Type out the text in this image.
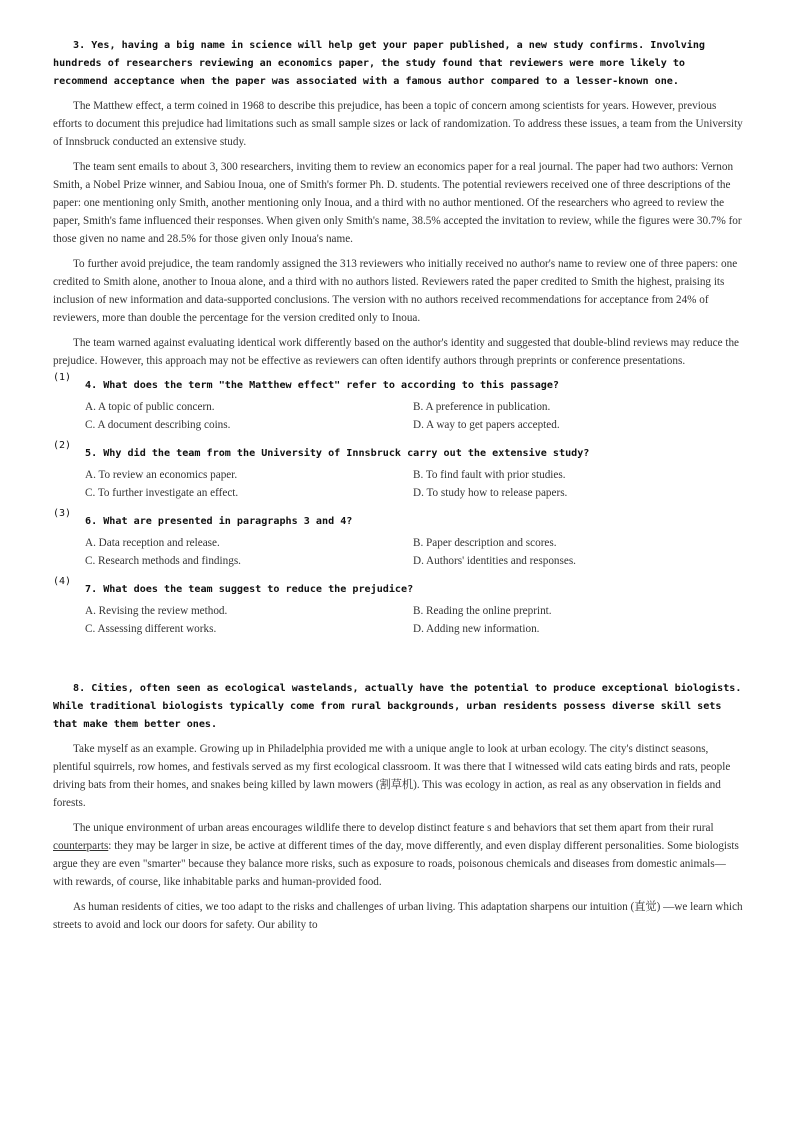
3. Yes, having a big name in science will help get your paper published, a new study confirms. Involving hundreds of researchers reviewing an economics paper, the study found that reviewers were more likely to recommend acceptance when the paper was associated with a famous author compared to a lesser-known one.

The Matthew effect, a term coined in 1968 to describe this prejudice, has been a topic of concern among scientists for years. However, previous efforts to document this prejudice had limitations such as small sample sizes or lack of randomization. To address these issues, a team from the University of Innsbruck conducted an extensive study.

The team sent emails to about 3, 300 researchers, inviting them to review an economics paper for a real journal. The paper had two authors: Vernon Smith, a Nobel Prize winner, and Sabiou Inoua, one of Smith's former Ph. D. students. The potential reviewers received one of three descriptions of the paper: one mentioning only Smith, another mentioning only Inoua, and a third with no author mentioned. Of the researchers who agreed to review the paper, Smith's fame influenced their responses. When given only Smith's name, 38.5% accepted the invitation to review, while the figures were 30.7% for those given no name and 28.5% for those given only Inoua's name.

To further avoid prejudice, the team randomly assigned the 313 reviewers who initially received no author's name to review one of three papers: one credited to Smith alone, another to Inoua alone, and a third with no authors listed. Reviewers rated the paper credited to Smith the highest, praising its inclusion of new information and data-supported conclusions. The version with no authors received recommendations for acceptance from 24% of reviewers, more than double the percentage for the version credited only to Inoua.

The team warned against evaluating identical work differently based on the author's identity and suggested that double-blind reviews may reduce the prejudice. However, this approach may not be effective as reviewers can often identify authors through preprints or conference presentations.

(1)
4. What does the term "the Matthew effect" refer to according to this passage?
A. A topic of public concern.	B. A preference in publication.
C. A document describing coins.	D. A way to get papers accepted.
(2)
5. Why did the team from the University of Innsbruck carry out the extensive study?
A. To review an economics paper.	B. To find fault with prior studies.
C. To further investigate an effect.	D. To study how to release papers.
(3)
6. What are presented in paragraphs 3 and 4?
A. Data reception and release.	B. Paper description and scores.
C. Research methods and findings.	D. Authors' identities and responses.
(4)
7. What does the team suggest to reduce the prejudice?
A. Revising the review method.	B. Reading the online preprint.
C. Assessing different works.	D. Adding new information.

8. Cities, often seen as ecological wastelands, actually have the potential to produce exceptional biologists. While traditional biologists typically come from rural backgrounds, urban residents possess diverse skill sets that make them better ones.

Take myself as an example. Growing up in Philadelphia provided me with a unique angle to look at urban ecology. The city's distinct seasons, plentiful squirrels, row homes, and festivals served as my first ecological classroom. It was there that I witnessed wild cats eating birds and rats, people driving bats from their homes, and snakes being killed by lawn mowers (割草机). This was ecology in action, as real as any observation in fields and forests.

The unique environment of urban areas encourages wildlife there to develop distinct feature s and behaviors that set them apart from their rural counterparts: they may be larger in size, be active at different times of the day, move differently, and even display different personalities. Some biologists argue they are even "smarter" because they balance more risks, such as exposure to roads, poisonous chemicals and diseases from domestic animals—with rewards, of course, like inhabitable parks and human-provided food.

As human residents of cities, we too adapt to the risks and challenges of urban living. This adaptation sharpens our intuition (直觉) —we learn which streets to avoid and lock our doors for safety. Our ability to
